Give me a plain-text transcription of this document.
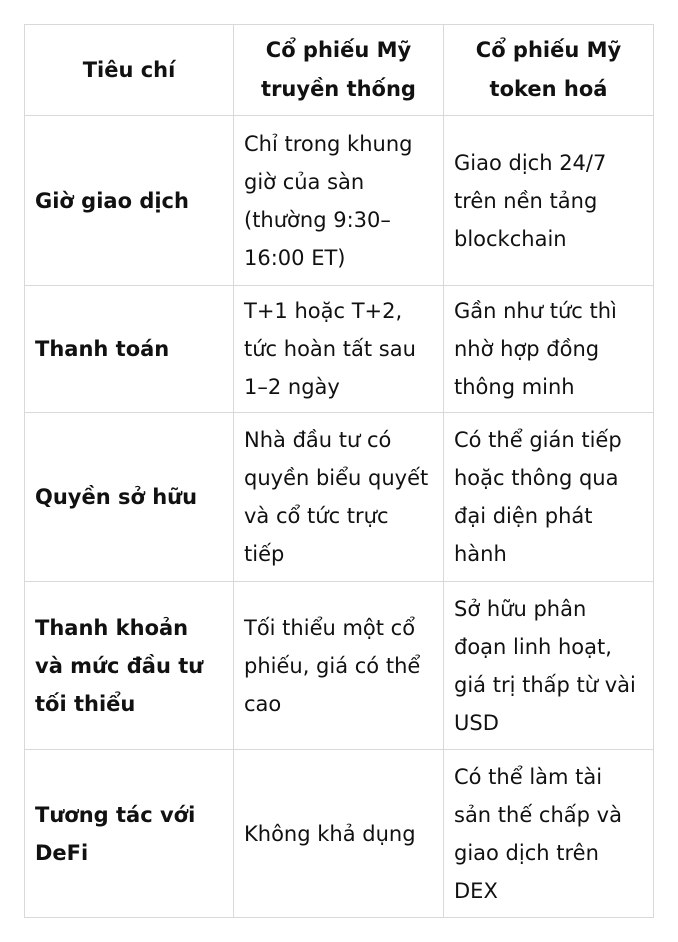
Tiêu chí	Cổ phiếu Mỹ truyền thống	Cổ phiếu Mỹ token hoá
Giờ giao dịch	Chỉ trong khung giờ của sàn (thường 9:30–16:00 ET)	Giao dịch 24/7 trên nền tảng blockchain
Thanh toán	T+1 hoặc T+2, tức hoàn tất sau 1–2 ngày	Gần như tức thì nhờ hợp đồng thông minh
Quyền sở hữu	Nhà đầu tư có quyền biểu quyết và cổ tức trực tiếp	Có thể gián tiếp hoặc thông qua đại diện phát hành
Thanh khoản và mức đầu tư tối thiểu	Tối thiểu một cổ phiếu, giá có thể cao	Sở hữu phân đoạn linh hoạt, giá trị thấp từ vài USD
Tương tác với DeFi	Không khả dụng	Có thể làm tài sản thế chấp và giao dịch trên DEX
